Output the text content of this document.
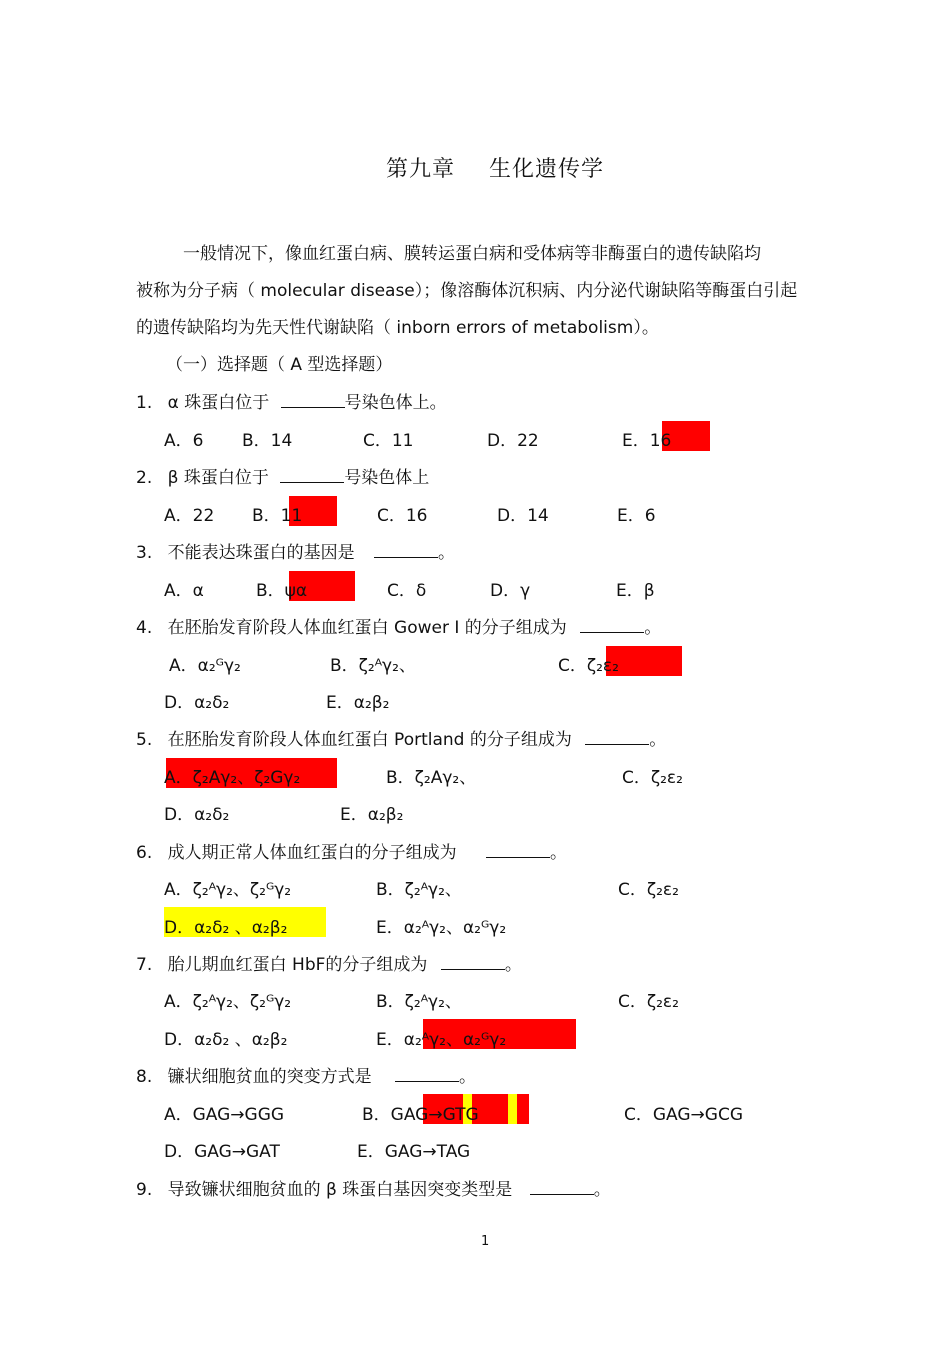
第九章 生化遗传学
一般情况下，像血红蛋白病、膜转运蛋白病和受体病等非酶蛋白的遗传缺陷均
被称为分子病（ molecular disease）；像溶酶体沉积病、内分泌代谢缺陷等酶蛋白引起
的遗传缺陷均为先天性代谢缺陷（ inborn errors of metabolism）。
（一）选择题（ A 型选择题）
1. α 珠蛋白位于	号染色体上。
A．6 B．14	C．11	D．22	E．16
2. β 珠蛋白位于	号染色体上
A．22 B．11	C．16	D．14	E．6
3. 不能表达珠蛋白的基因是	。
A．α	B．ψα	C．δ	D．γ	E．β
4. 在胚胎发育阶段人体血红蛋白 Gower I 的分子组成为	。
A．α₂ᴳγ₂	B．ζ₂ᴬγ₂、	C．ζ₂ε₂
D．α₂δ₂	E．α₂β₂
5. 在胚胎发育阶段人体血红蛋白 Portland 的分子组成为	。
A．ζ₂Aγ₂、ζ₂Gγ₂	B．ζ₂Aγ₂、	C．ζ₂ε₂
D．α₂δ₂	E．α₂β₂
6. 成人期正常人体血红蛋白的分子组成为	。
A．ζ₂ᴬγ₂、ζ₂ᴳγ₂	B．ζ₂ᴬγ₂、	C．ζ₂ε₂
D．α₂δ₂ 、α₂β₂	E．α₂ᴬγ₂、α₂ᴳγ₂
7. 胎儿期血红蛋白 HbF的分子组成为	。
A．ζ₂ᴬγ₂、ζ₂ᴳγ₂	B．ζ₂ᴬγ₂、	C．ζ₂ε₂
D．α₂δ₂ 、α₂β₂	E．α₂ᴬγ₂、α₂ᴳγ₂
8. 镰状细胞贫血的突变方式是	。
A．GAG→GGG	B．GAG→GTG	C．GAG→GCG
D．GAG→GAT	E．GAG→TAG
9. 导致镰状细胞贫血的 β 珠蛋白基因突变类型是	。
1
